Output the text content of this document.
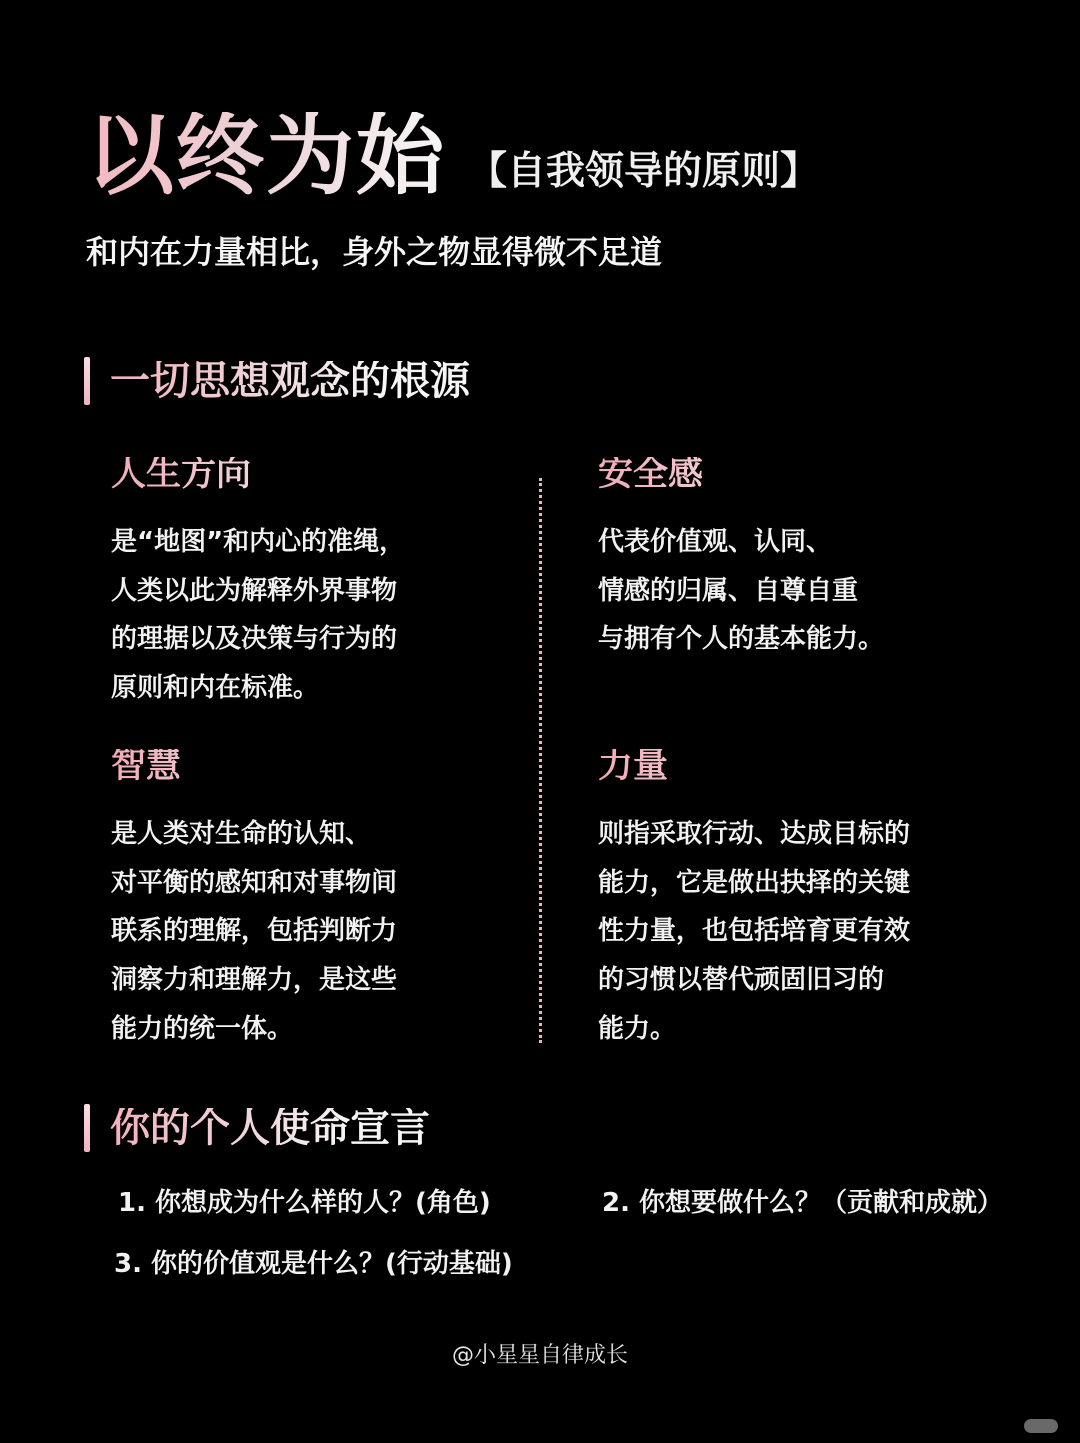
以终为始 【自我领导的原则】
和内在力量相比，身外之物显得微不足道
一切思想观念的根源
人生方向
是“地图”和内心的准绳，
人类以此为解释外界事物
的理据以及决策与行为的
原则和内在标准。
安全感
代表价值观、认同、
情感的归属、自尊自重
与拥有个人的基本能力。
智慧
是人类对生命的认知、
对平衡的感知和对事物间
联系的理解，包括判断力
洞察力和理解力，是这些
能力的统一体。
力量
则指采取行动、达成目标的
能力，它是做出抉择的关键
性力量，也包括培育更有效
的习惯以替代顽固旧习的
能力。
你的个人使命宣言
1. 你想成为什么样的人？(角色)	2. 你想要做什么？（贡献和成就）
3. 你的价值观是什么？(行动基础)
@小星星自律成长
